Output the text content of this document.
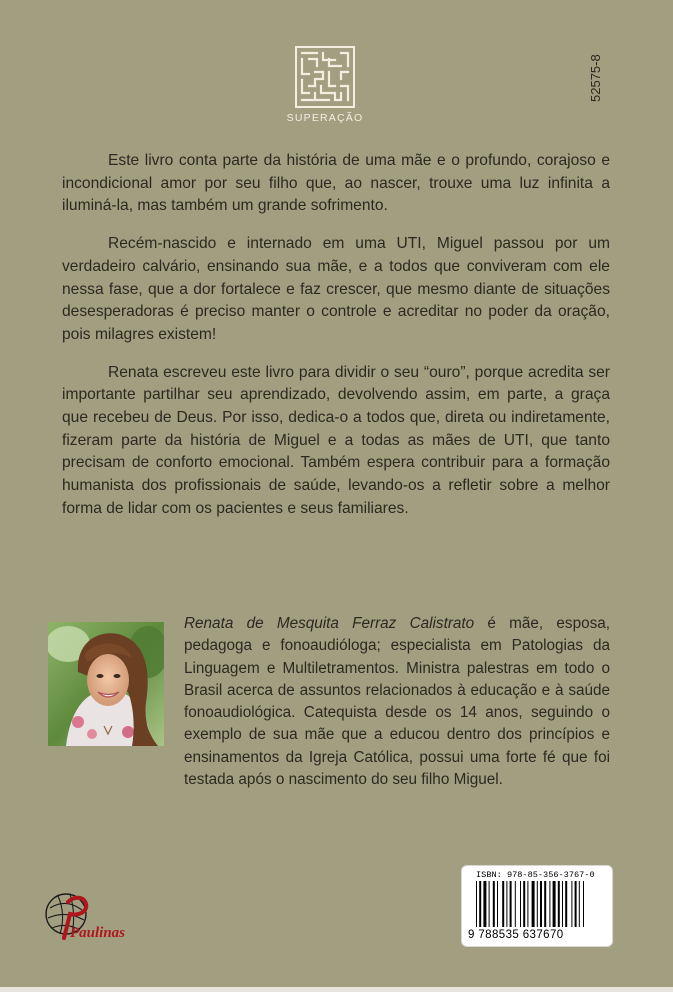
SUPERAÇÃO
52575-8

Este livro conta parte da história de uma mãe e o profundo, corajoso e incondicional amor por seu filho que, ao nascer, trouxe uma luz infinita a iluminá-la, mas também um grande sofrimento.

Recém-nascido e internado em uma UTI, Miguel passou por um verdadeiro calvário, ensinando sua mãe, e a todos que conviveram com ele nessa fase, que a dor fortalece e faz crescer, que mesmo diante de situações desesperadoras é preciso manter o controle e acreditar no poder da oração, pois milagres existem!

Renata escreveu este livro para dividir o seu “ouro”, porque acredita ser importante partilhar seu aprendizado, devolvendo assim, em parte, a graça que recebeu de Deus. Por isso, dedica-o a todos que, direta ou indiretamente, fizeram parte da história de Miguel e a todas as mães de UTI, que tanto precisam de conforto emocional. Também espera contribuir para a formação humanista dos profissionais de saúde, levando-os a refletir sobre a melhor forma de lidar com os pacientes e seus familiares.

Renata de Mesquita Ferraz Calistrato é mãe, esposa, pedagoga e fonoaudióloga; especialista em Patologias da Linguagem e Multiletramentos. Ministra palestras em todo o Brasil acerca de assuntos relacionados à educação e à saúde fonoaudiológica. Catequista desde os 14 anos, seguindo o exemplo de sua mãe que a educou dentro dos princípios e ensinamentos da Igreja Católica, possui uma forte fé que foi testada após o nascimento do seu filho Miguel.
Paulinas
ISBN: 978-85-356-3767-0
9 788535 637670
